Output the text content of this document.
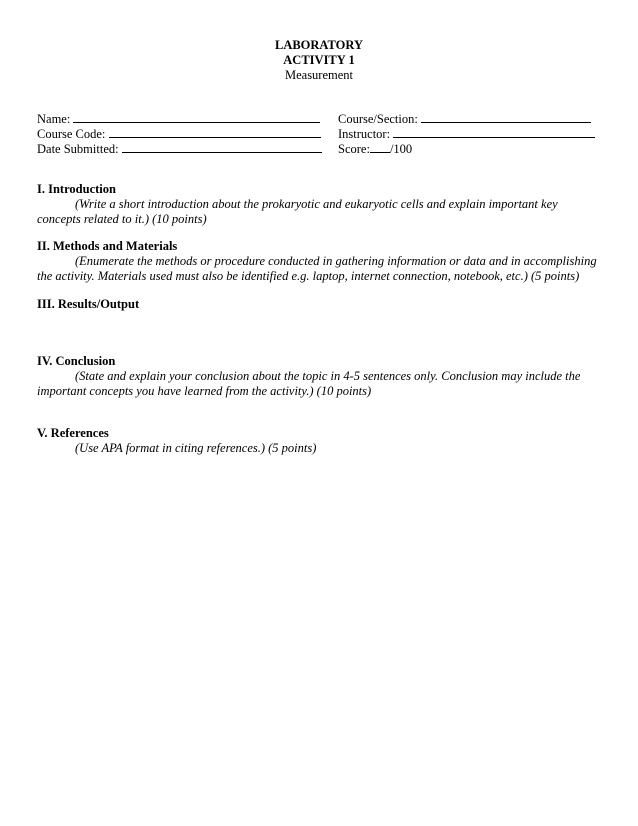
LABORATORY
ACTIVITY 1
Measurement
Name:	Course/Section:
Course Code:	Instructor:
Date Submitted:	Score: /100
I. Introduction
(Write a short introduction about the prokaryotic and eukaryotic cells and explain important key concepts related to it.) (10 points)
II. Methods and Materials
(Enumerate the methods or procedure conducted in gathering information or data and in accomplishing the activity. Materials used must also be identified e.g. laptop, internet connection, notebook, etc.) (5 points)
III. Results/Output
IV. Conclusion
(State and explain your conclusion about the topic in 4-5 sentences only. Conclusion may include the important concepts you have learned from the activity.) (10 points)
V. References
(Use APA format in citing references.) (5 points)
